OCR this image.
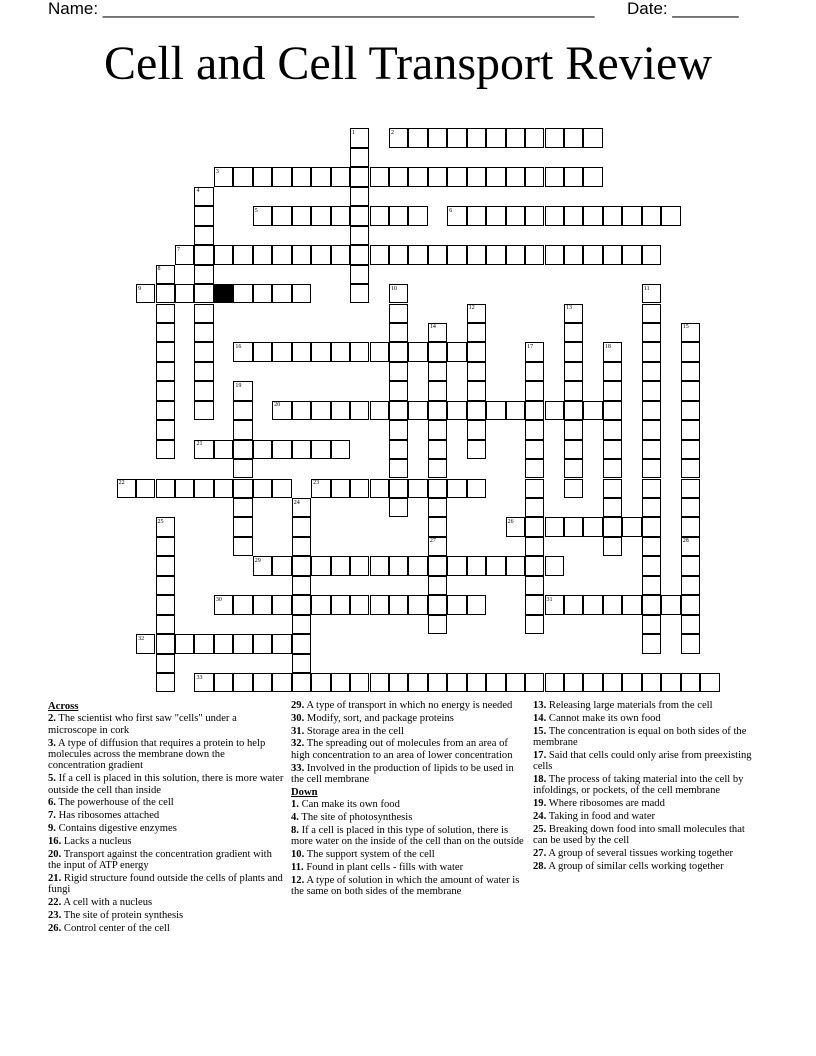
Name: ____________________________________________________ Date: _______
Cell and Cell Transport Review
1	2
3
4
5	6
7
8
9	10	11
12	13
14	15
16	17	18
19
20
21
22	23
24
25	26
27	28
29
30	31
32
33
Across
2. The scientist who first saw "cells" under a microscope in cork
3. A type of diffusion that requires a protein to help molecules across the membrane down the concentration gradient
5. If a cell is placed in this solution, there is more water outside the cell than inside
6. The powerhouse of the cell
7. Has ribosomes attached
9. Contains digestive enzymes
16. Lacks a nucleus
20. Transport against the concentration gradient with the input of ATP energy
21. Rigid structure found outside the cells of plants and fungi
22. A cell with a nucleus
23. The site of protein synthesis
26. Control center of the cell
29. A type of transport in which no energy is needed
30. Modify, sort, and package proteins
31. Storage area in the cell
32. The spreading out of molecules from an area of high concentration to an area of lower concentration
33. Involved in the production of lipids to be used in the cell membrane
Down
1. Can make its own food
4. The site of photosynthesis
8. If a cell is placed in this type of solution, there is more water on the inside of the cell than on the outside
10. The support system of the cell
11. Found in plant cells - fills with water
12. A type of solution in which the amount of water is the same on both sides of the membrane
13. Releasing large materials from the cell
14. Cannot make its own food
15. The concentration is equal on both sides of the membrane
17. Said that cells could only arise from preexisting cells
18. The process of taking material into the cell by infoldings, or pockets, of the cell membrane
19. Where ribosomes are madd
24. Taking in food and water
25. Breaking down food into small molecules that can be used by the cell
27. A group of several tissues working together
28. A group of similar cells working together
